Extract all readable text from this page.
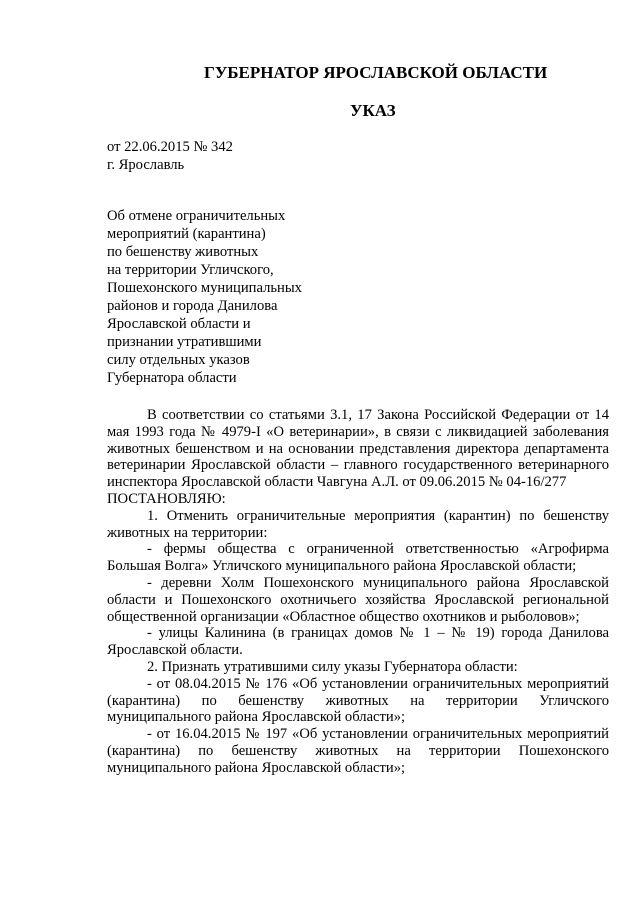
ГУБЕРНАТОР ЯРОСЛАВСКОЙ ОБЛАСТИ
УКАЗ
от 22.06.2015 № 342
г. Ярославль
Об отмене ограничительных
мероприятий (карантина)
по бешенству животных
на территории Угличского,
Пошехонского муниципальных
районов и города Данилова
Ярославской области и
признании утратившими
силу отдельных указов
Губернатора области

В соответствии со статьями 3.1, 17 Закона Российской Федерации от 14 мая 1993 года № 4979-I «О ветеринарии», в связи с ликвидацией заболевания животных бешенством и на основании представления директора департамента ветеринарии Ярославской области – главного государственного ветеринарного инспектора Ярославской области Чавгуна А.Л. от 09.06.2015 № 04-16/277

ПОСТАНОВЛЯЮ:

1. Отменить ограничительные мероприятия (карантин) по бешенству животных на территории:

- фермы общества с ограниченной ответственностью «Агрофирма Большая Волга» Угличского муниципального района Ярославской области;

- деревни Холм Пошехонского муниципального района Ярославской области и Пошехонского охотничьего хозяйства Ярославской региональной общественной организации «Областное общество охотников и рыболовов»;

- улицы Калинина (в границах домов № 1 – № 19) города Данилова Ярославской области.

2. Признать утратившими силу указы Губернатора области:

- от 08.04.2015 № 176 «Об установлении ограничительных мероприятий (карантина) по бешенству животных на территории Угличского муниципального района Ярославской области»;

- от 16.04.2015 № 197 «Об установлении ограничительных мероприятий (карантина) по бешенству животных на территории Пошехонского муниципального района Ярославской области»;
